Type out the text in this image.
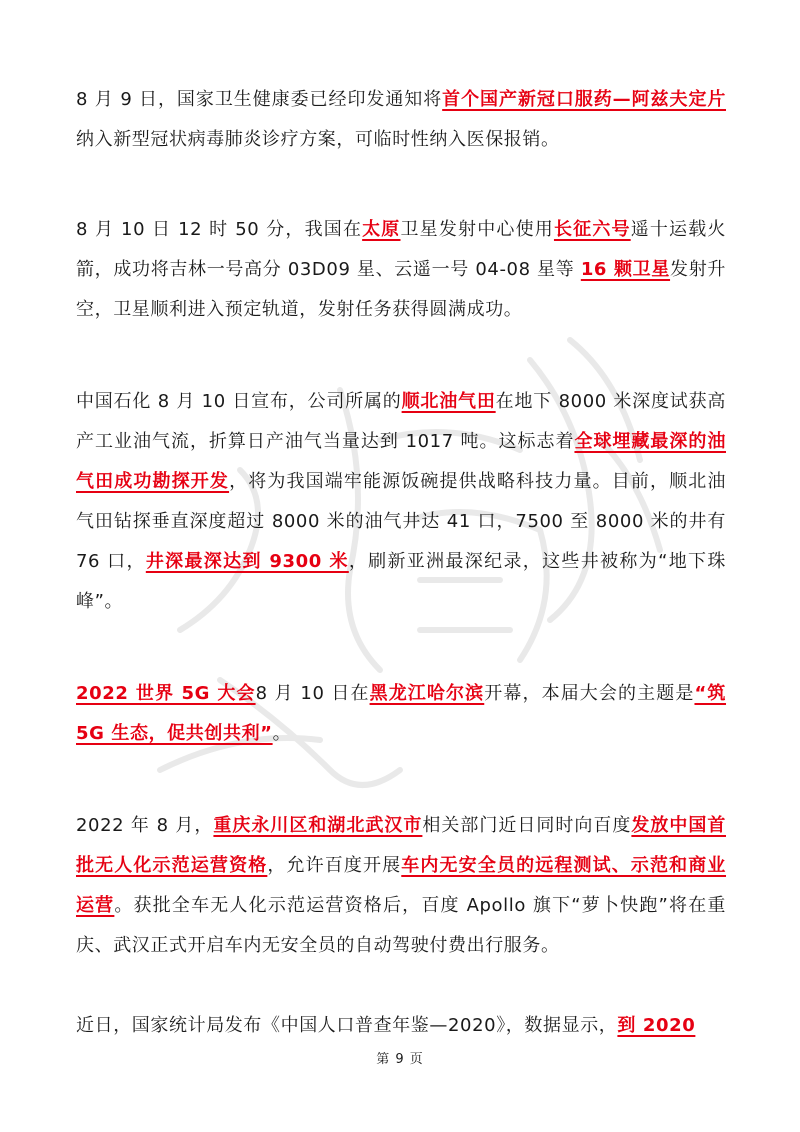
8 月 9 日，国家卫生健康委已经印发通知将首个国产新冠口服药—阿兹夫定片纳入新型冠状病毒肺炎诊疗方案，可临时性纳入医保报销。

8 月 10 日 12 时 50 分，我国在太原卫星发射中心使用长征六号遥十运载火箭，成功将吉林一号高分 03D09 星、云遥一号 04-08 星等 16 颗卫星发射升空，卫星顺利进入预定轨道，发射任务获得圆满成功。

中国石化 8 月 10 日宣布，公司所属的顺北油气田在地下 8000 米深度试获高产工业油气流，折算日产油气当量达到 1017 吨。这标志着全球埋藏最深的油气田成功勘探开发，将为我国端牢能源饭碗提供战略科技力量。目前，顺北油气田钻探垂直深度超过 8000 米的油气井达 41 口，7500 至 8000 米的井有 76 口，井深最深达到 9300 米，刷新亚洲最深纪录，这些井被称为“地下珠峰”。

2022 世界 5G 大会8 月 10 日在黑龙江哈尔滨开幕，本届大会的主题是“筑 5G 生态，促共创共利”。

2022 年 8 月，重庆永川区和湖北武汉市相关部门近日同时向百度发放中国首批无人化示范运营资格，允许百度开展车内无安全员的远程测试、示范和商业运营。获批全车无人化示范运营资格后，百度 Apollo 旗下“萝卜快跑”将在重庆、武汉正式开启车内无安全员的自动驾驶付费出行服务。

近日，国家统计局发布《中国人口普查年鉴—2020》，数据显示，到 2020

第 9 页
